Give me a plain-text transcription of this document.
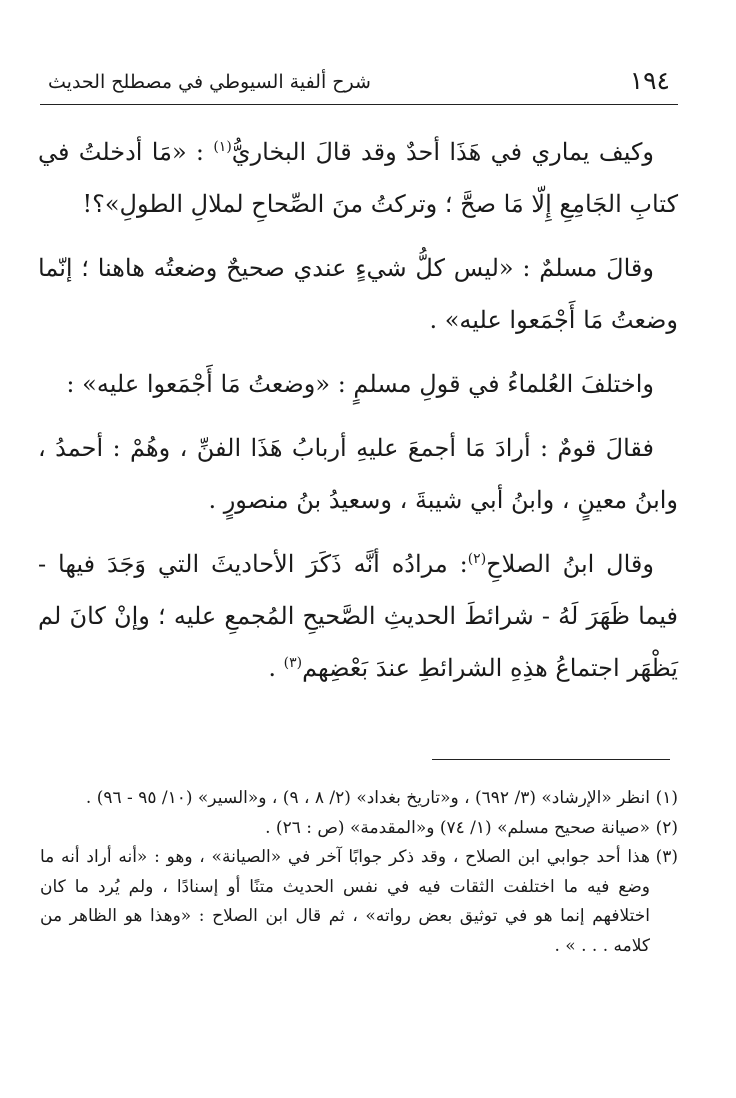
١٩٤
شرح ألفية السيوطي في مصطلح الحديث

وكيف يماري في هَذَا أحدٌ وقد قالَ البخاريُّ$^{(١)}$ : «مَا أدخلتُ في كتابِ الجَامِعِ إِلّا مَا صحَّ ؛ وتركتُ منَ الصِّحاحِ لملالِ الطولِ»؟!

وقالَ مسلمٌ : «ليس كلُّ شيءٍ عندي صحيحٌ وضعتُه هاهنا ؛ إنّما وضعتُ مَا أَجْمَعوا عليه» .

واختلفَ العُلماءُ في قولِ مسلمٍ : «وضعتُ مَا أَجْمَعوا عليه» :

فقالَ قومٌ : أرادَ مَا أجمعَ عليهِ أربابُ هَذَا الفنِّ ، وهُمْ : أحمدُ ، وابنُ معينٍ ، وابنُ أبي شيبةَ ، وسعيدُ بنُ منصورٍ .

وقال ابنُ الصلاحِ$^{(٢)}$: مرادُه أنَّه ذَكَرَ الأحاديثَ التي وَجَدَ فيها - فيما ظَهَرَ لَهُ - شرائطَ الحديثِ الصَّحيحِ المُجمعِ عليه ؛ وإنْ كانَ لم يَظْهَر اجتماعُ هذِهِ الشرائطِ عندَ بَعْضِهم$^{(٣)}$ .

(١)
انظر «الإرشاد» (٣/ ٦٩٢) ، و«تاريخ بغداد» (٢/ ٨ ، ٩) ، و«السير» (١٠/ ٩٥ - ٩٦) .

(٢)
«صيانة صحيح مسلم» (١/ ٧٤) و«المقدمة» (ص : ٢٦) .

(٣)
هذا أحد جوابي ابن الصلاح ، وقد ذكر جوابًا آخر في «الصيانة» ، وهو : «أنه أراد أنه ما وضع فيه ما اختلفت الثقات فيه في نفس الحديث متنًا أو إسنادًا ، ولم يُرد ما كان اختلافهم إنما هو في توثيق بعض رواته» ، ثم قال ابن الصلاح : «وهذا هو الظاهر من كلامه . . . » .
